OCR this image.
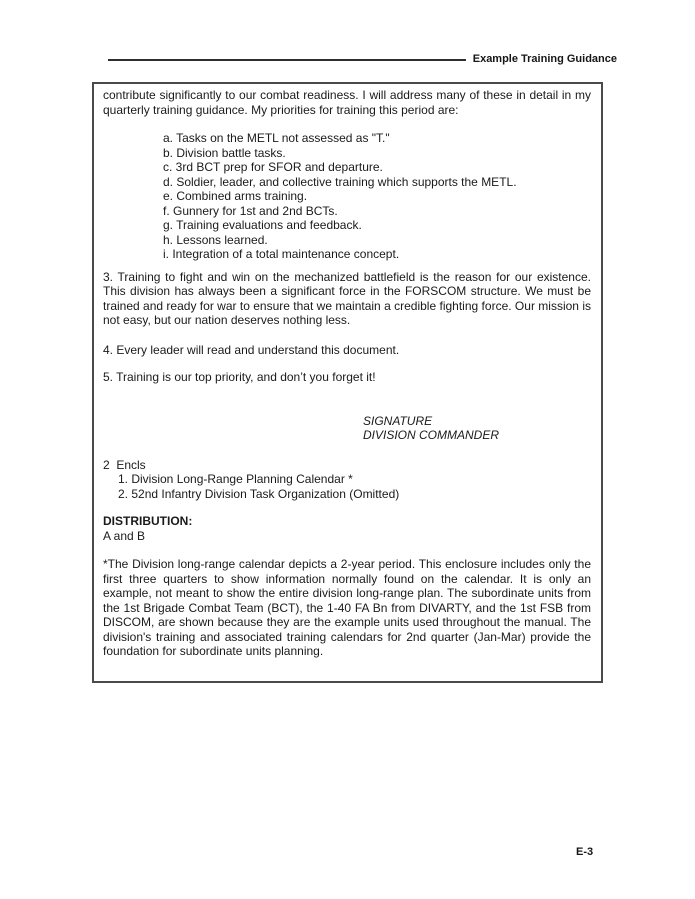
Example Training Guidance

contribute significantly to our combat readiness. I will address many of these in detail in my quarterly training guidance. My priorities for training this period are:

a. Tasks on the METL not assessed as "T."
b. Division battle tasks.
c. 3rd BCT prep for SFOR and departure.
d. Soldier, leader, and collective training which supports the METL.
e. Combined arms training.
f. Gunnery for 1st and 2nd BCTs.
g. Training evaluations and feedback.
h. Lessons learned.
i. Integration of a total maintenance concept.

3. Training to fight and win on the mechanized battlefield is the reason for our existence. This division has always been a significant force in the FORSCOM structure. We must be trained and ready for war to ensure that we maintain a credible fighting force. Our mission is not easy, but our nation deserves nothing less.

4. Every leader will read and understand this document.

5. Training is our top priority, and don’t you forget it!

SIGNATURE
DIVISION COMMANDER
2  Encls
1. Division Long-Range Planning Calendar *
2. 52nd Infantry Division Task Organization (Omitted)
DISTRIBUTION:
A and B

*The Division long-range calendar depicts a 2-year period. This enclosure includes only the first three quarters to show information normally found on the calendar. It is only an example, not meant to show the entire division long-range plan. The subordinate units from the 1st Brigade Combat Team (BCT), the 1-40 FA Bn from DIVARTY, and the 1st FSB from DISCOM, are shown because they are the example units used throughout the manual. The division's training and associated training calendars for 2nd quarter (Jan-Mar) provide the foundation for subordinate units planning.

E-3
